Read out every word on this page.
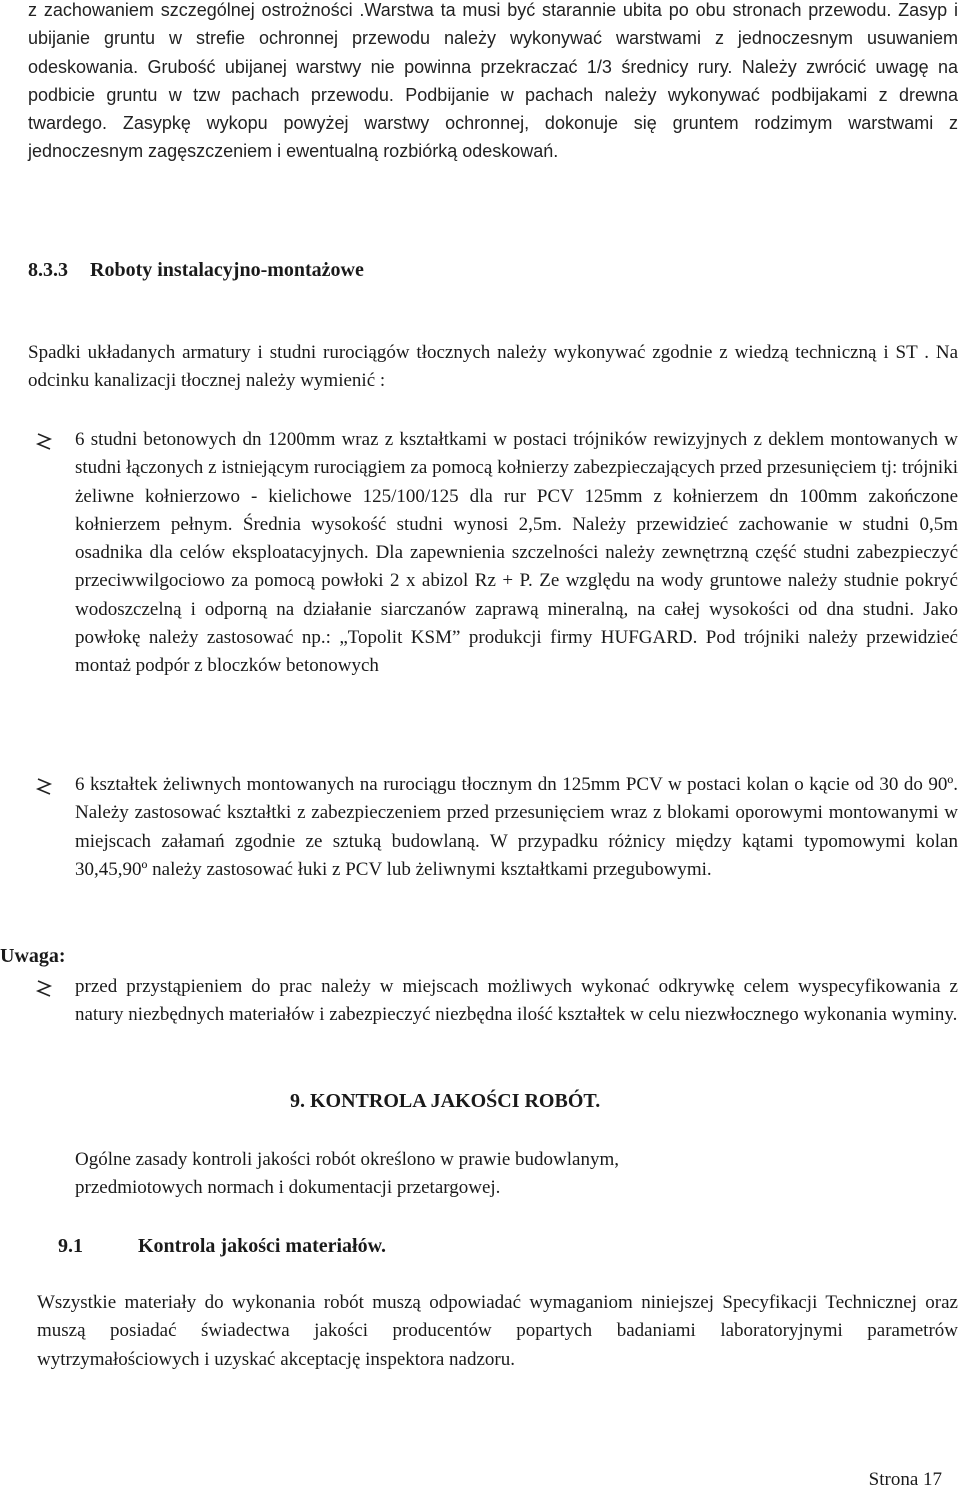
z zachowaniem szczególnej ostrożności .Warstwa ta musi być starannie ubita po obu stronach przewodu. Zasyp i ubijanie gruntu w strefie ochronnej przewodu należy wykonywać warstwami z jednoczesnym usuwaniem odeskowania. Grubość ubijanej warstwy nie powinna przekraczać 1/3 średnicy rury. Należy zwrócić uwagę na podbicie gruntu w tzw pachach przewodu. Podbijanie w pachach należy wykonywać podbijakami z drewna twardego. Zasypkę wykopu powyżej warstwy ochronnej, dokonuje się gruntem rodzimym warstwami z jednoczesnym zagęszczeniem i ewentualną rozbiórką odeskowań.

8.3.3 Roboty instalacyjno-montażowe

Spadki układanych armatury i studni rurociągów tłocznych należy wykonywać zgodnie z wiedzą techniczną i ST . Na odcinku kanalizacji tłocznej należy wymienić :

6 studni betonowych dn 1200mm wraz z kształtkami w postaci trójników rewizyjnych z deklem montowanych w studni łączonych z istniejącym rurociągiem za pomocą kołnierzy zabezpieczających przed przesunięciem tj: trójniki żeliwne kołnierzowo - kielichowe 125/100/125 dla rur PCV 125mm z kołnierzem dn 100mm zakończone kołnierzem pełnym. Średnia wysokość studni wynosi 2,5m. Należy przewidzieć zachowanie w studni 0,5m osadnika dla celów eksploatacyjnych. Dla zapewnienia szczelności należy zewnętrzną część studni zabezpieczyć przeciwwilgociowo za pomocą powłoki 2 x abizol Rz + P. Ze względu na wody gruntowe należy studnie pokryć wodoszczelną i odporną na działanie siarczanów zaprawą mineralną, na całej wysokości od dna studni. Jako powłokę należy zastosować np.: „Topolit KSM” produkcji firmy HUFGARD. Pod trójniki należy przewidzieć montaż podpór z bloczków betonowych
6 kształtek żeliwnych montowanych na rurociągu tłocznym dn 125mm PCV w postaci kolan o kącie od 30 do 90º. Należy zastosować kształtki z zabezpieczeniem przed przesunięciem wraz z blokami oporowymi montowanymi w miejscach załamań zgodnie ze sztuką budowlaną. W przypadku różnicy między kątami typomowymi kolan 30,45,90º należy zastosować łuki z PCV lub żeliwnymi kształtkami przegubowymi.
Uwaga:
przed przystąpieniem do prac należy w miejscach możliwych wykonać odkrywkę celem wyspecyfikowania z natury niezbędnych materiałów i zabezpieczyć niezbędna ilość kształtek w celu niezwłocznego wykonania wyminy.
9. KONTROLA JAKOŚCI ROBÓT.
Ogólne zasady kontroli jakości robót określono w prawie budowlanym,
przedmiotowych normach i dokumentacji przetargowej.
9.1	Kontrola jakości materiałów.

Wszystkie materiały do wykonania robót muszą odpowiadać wymaganiom niniejszej Specyfikacji Technicznej oraz muszą posiadać świadectwa jakości producentów popartych badaniami laboratoryjnymi parametrów wytrzymałościowych i uzyskać akceptację inspektora nadzoru.

Strona 17
